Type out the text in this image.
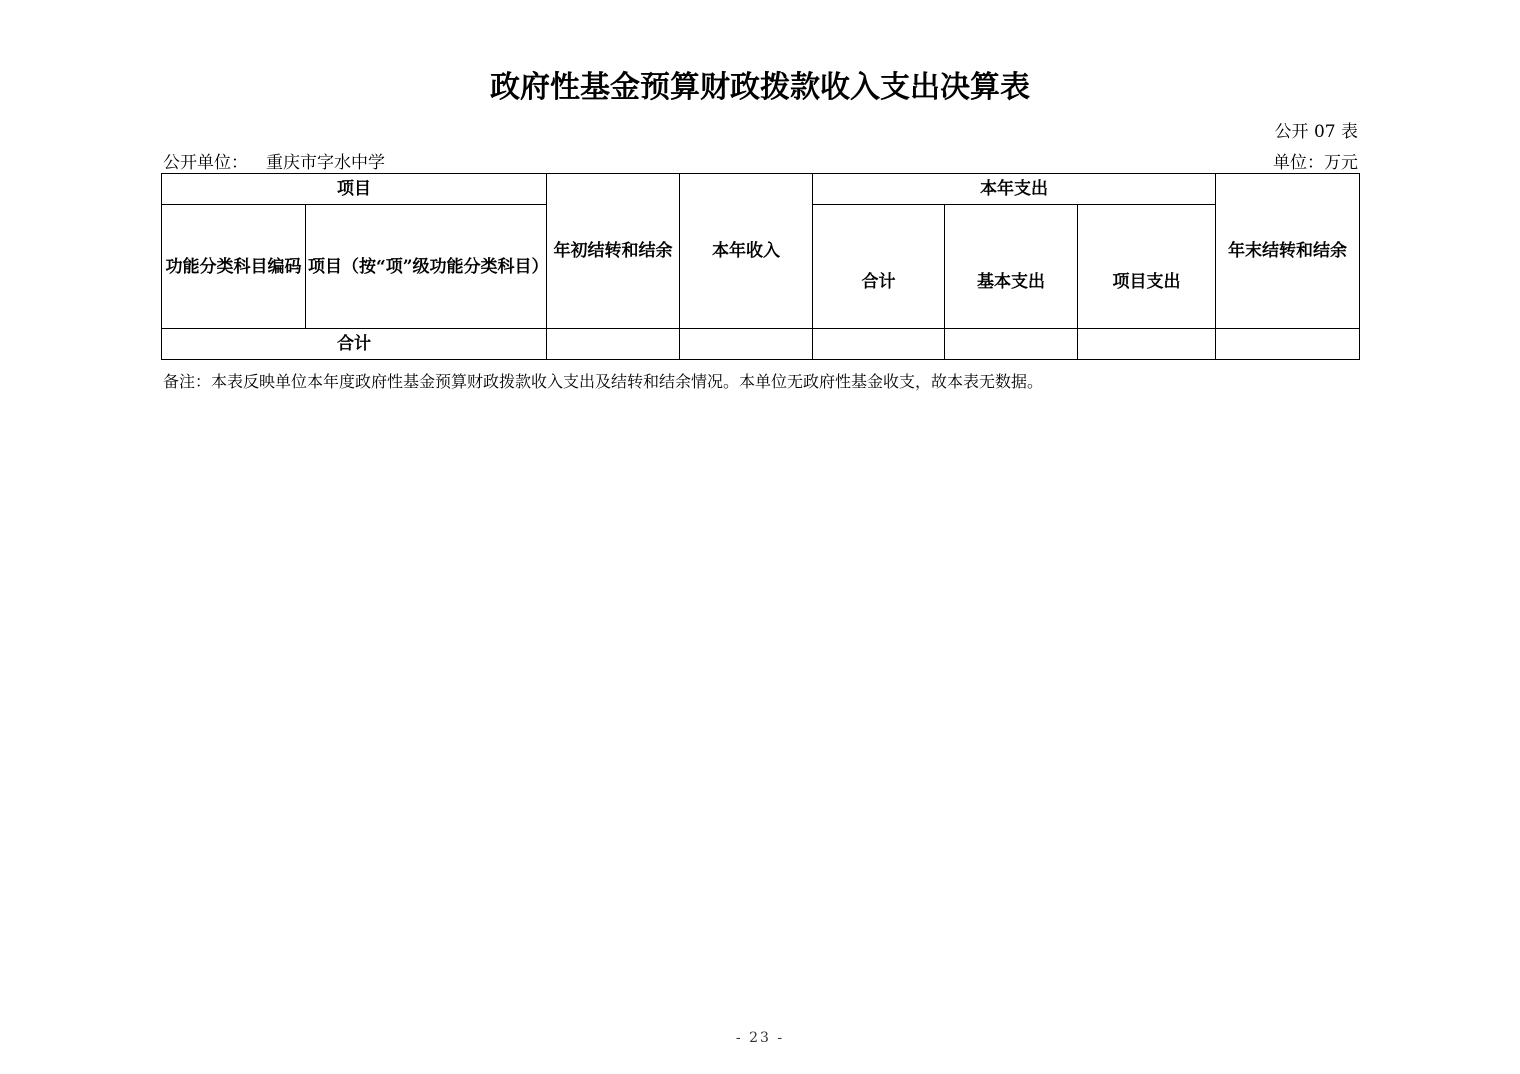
政府性基金预算财政拨款收入支出决算表
公开 07 表
公开单位： 重庆市字水中学	单位：万元
项目		年初结转和结余	本年收入	本年支出			年末结转和结余
功能分类科目编码	项目（按“项”级功能分类科目）			合计	基本支出	项目支出	
合计							
备注：本表反映单位本年度政府性基金预算财政拨款收入支出及结转和结余情况。本单位无政府性基金收支，故本表无数据。
- 23 -
